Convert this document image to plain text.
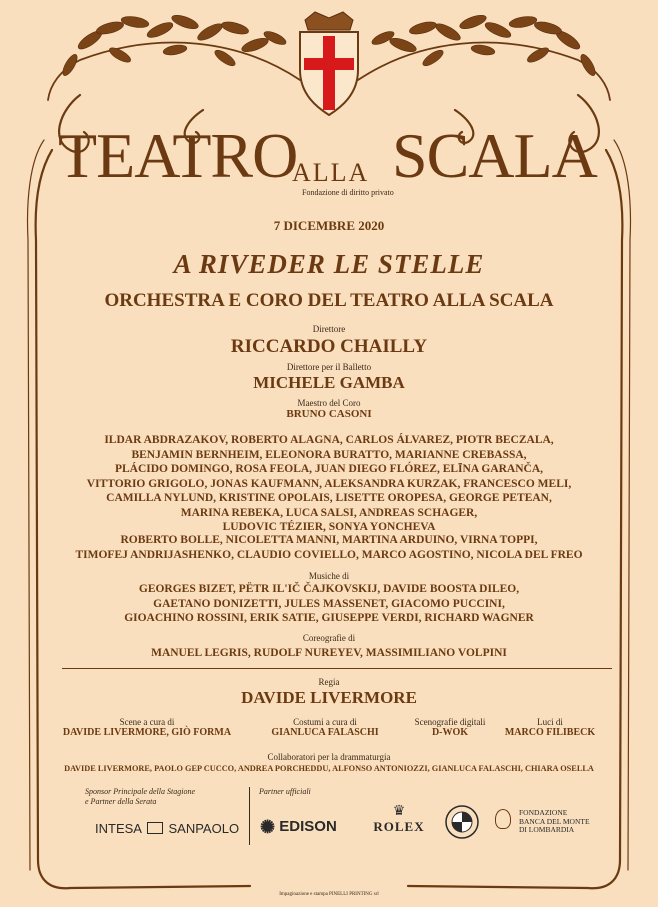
TEATRO
ALLA SCALA
Fondazione di diritto privato
7 DICEMBRE 2020
A RIVEDER LE STELLE
ORCHESTRA E CORO DEL TEATRO ALLA SCALA
Direttore
RICCARDO CHAILLY
Direttore per il Balletto
MICHELE GAMBA
Maestro del Coro
BRUNO CASONI
ILDAR ABDRAZAKOV, ROBERTO ALAGNA, CARLOS ÁLVAREZ, PIOTR BECZALA,
BENJAMIN BERNHEIM, ELEONORA BURATTO, MARIANNE CREBASSA,
PLÁCIDO DOMINGO, ROSA FEOLA, JUAN DIEGO FLÓREZ, ELĪNA GARANČA,
VITTORIO GRIGOLO, JONAS KAUFMANN, ALEKSANDRA KURZAK, FRANCESCO MELI,
CAMILLA NYLUND, KRISTINE OPOLAIS, LISETTE OROPESA, GEORGE PETEAN,
MARINA REBEKA, LUCA SALSI, ANDREAS SCHAGER,
LUDOVIC TÉZIER, SONYA YONCHEVA
ROBERTO BOLLE, NICOLETTA MANNI, MARTINA ARDUINO, VIRNA TOPPI,
TIMOFEJ ANDRIJASHENKO, CLAUDIO COVIELLO, MARCO AGOSTINO, NICOLA DEL FREO
Musiche di
GEORGES BIZET, PËTR IL'IČ ČAJKOVSKIJ, DAVIDE BOOSTA DILEO,
GAETANO DONIZETTI, JULES MASSENET, GIACOMO PUCCINI,
GIOACHINO ROSSINI, ERIK SATIE, GIUSEPPE VERDI, RICHARD WAGNER
Coreografie di
MANUEL LEGRIS, RUDOLF NUREYEV, MASSIMILIANO VOLPINI
Regia
DAVIDE LIVERMORE
Scene a cura di
DAVIDE LIVERMORE, GIÒ FORMA
Costumi a cura di
GIANLUCA FALASCHI
Scenografie digitali
D-WOK
Luci di
MARCO FILIBECK
Collaboratori per la drammaturgia
DAVIDE LIVERMORE, PAOLO GEP CUCCO, ANDREA PORCHEDDU, ALFONSO ANTONIOZZI, GIANLUCA FALASCHI, CHIARA OSELLA
Sponsor Principale della Stagione
e Partner della Serata
Partner ufficiali
INTESA SANPAOLO ✺ EDISON
♛
ROLEX

FONDAZIONE
BANCA DEL MONTE
DI LOMBARDIA
Impaginazione e stampa PINELLI PRINTING srl
